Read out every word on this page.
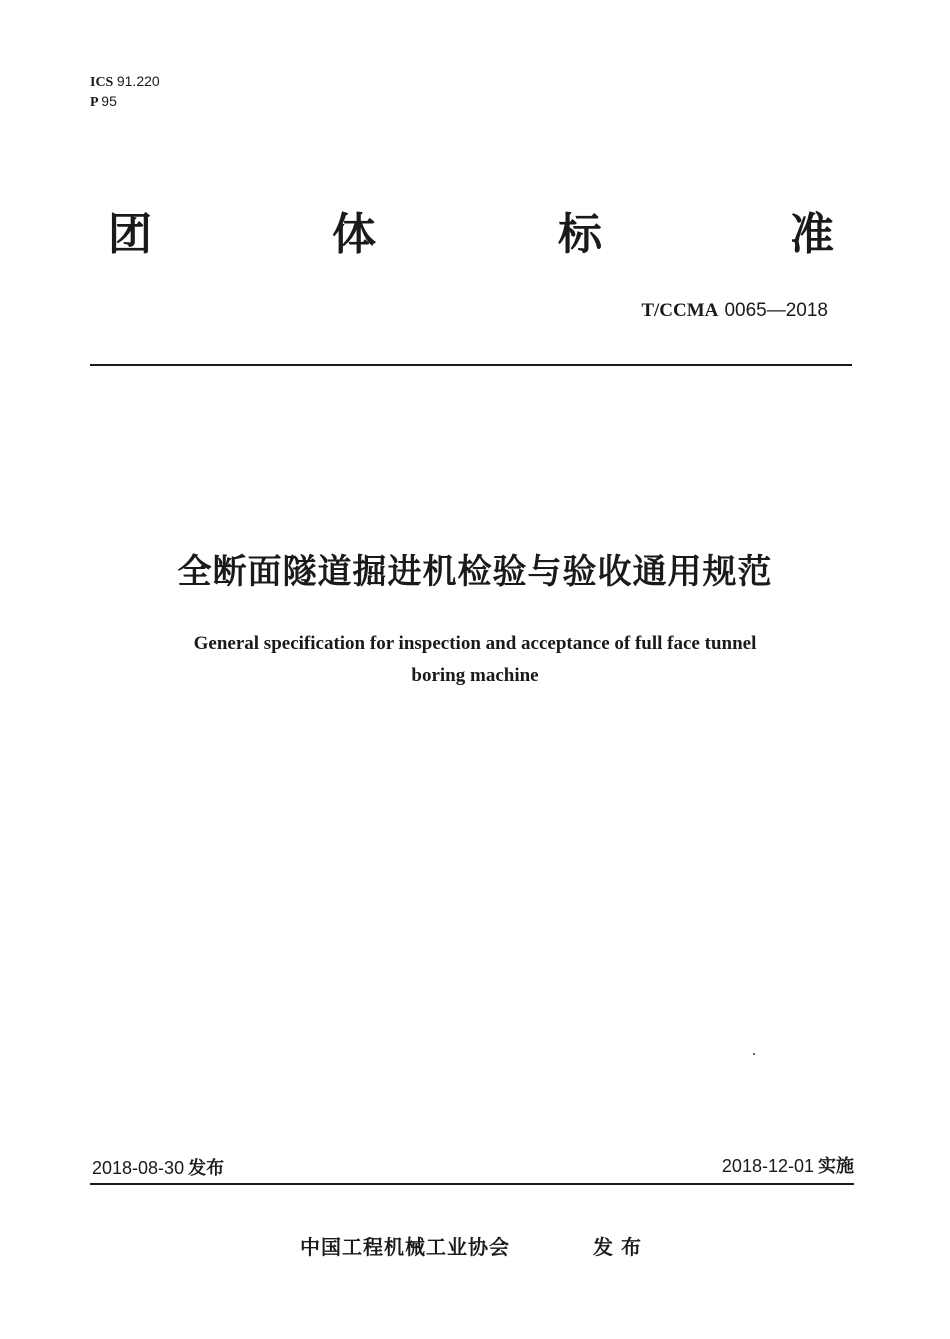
ICS 91.220
P 95
团	体	标	准
T/CCMA 0065—2018
全断面隧道掘进机检验与验收通用规范
General specification for inspection and acceptance of full face tunnel
boring machine
2018-08-30 发布	2018-12-01 实施
中国工程机械工业协会	发布
